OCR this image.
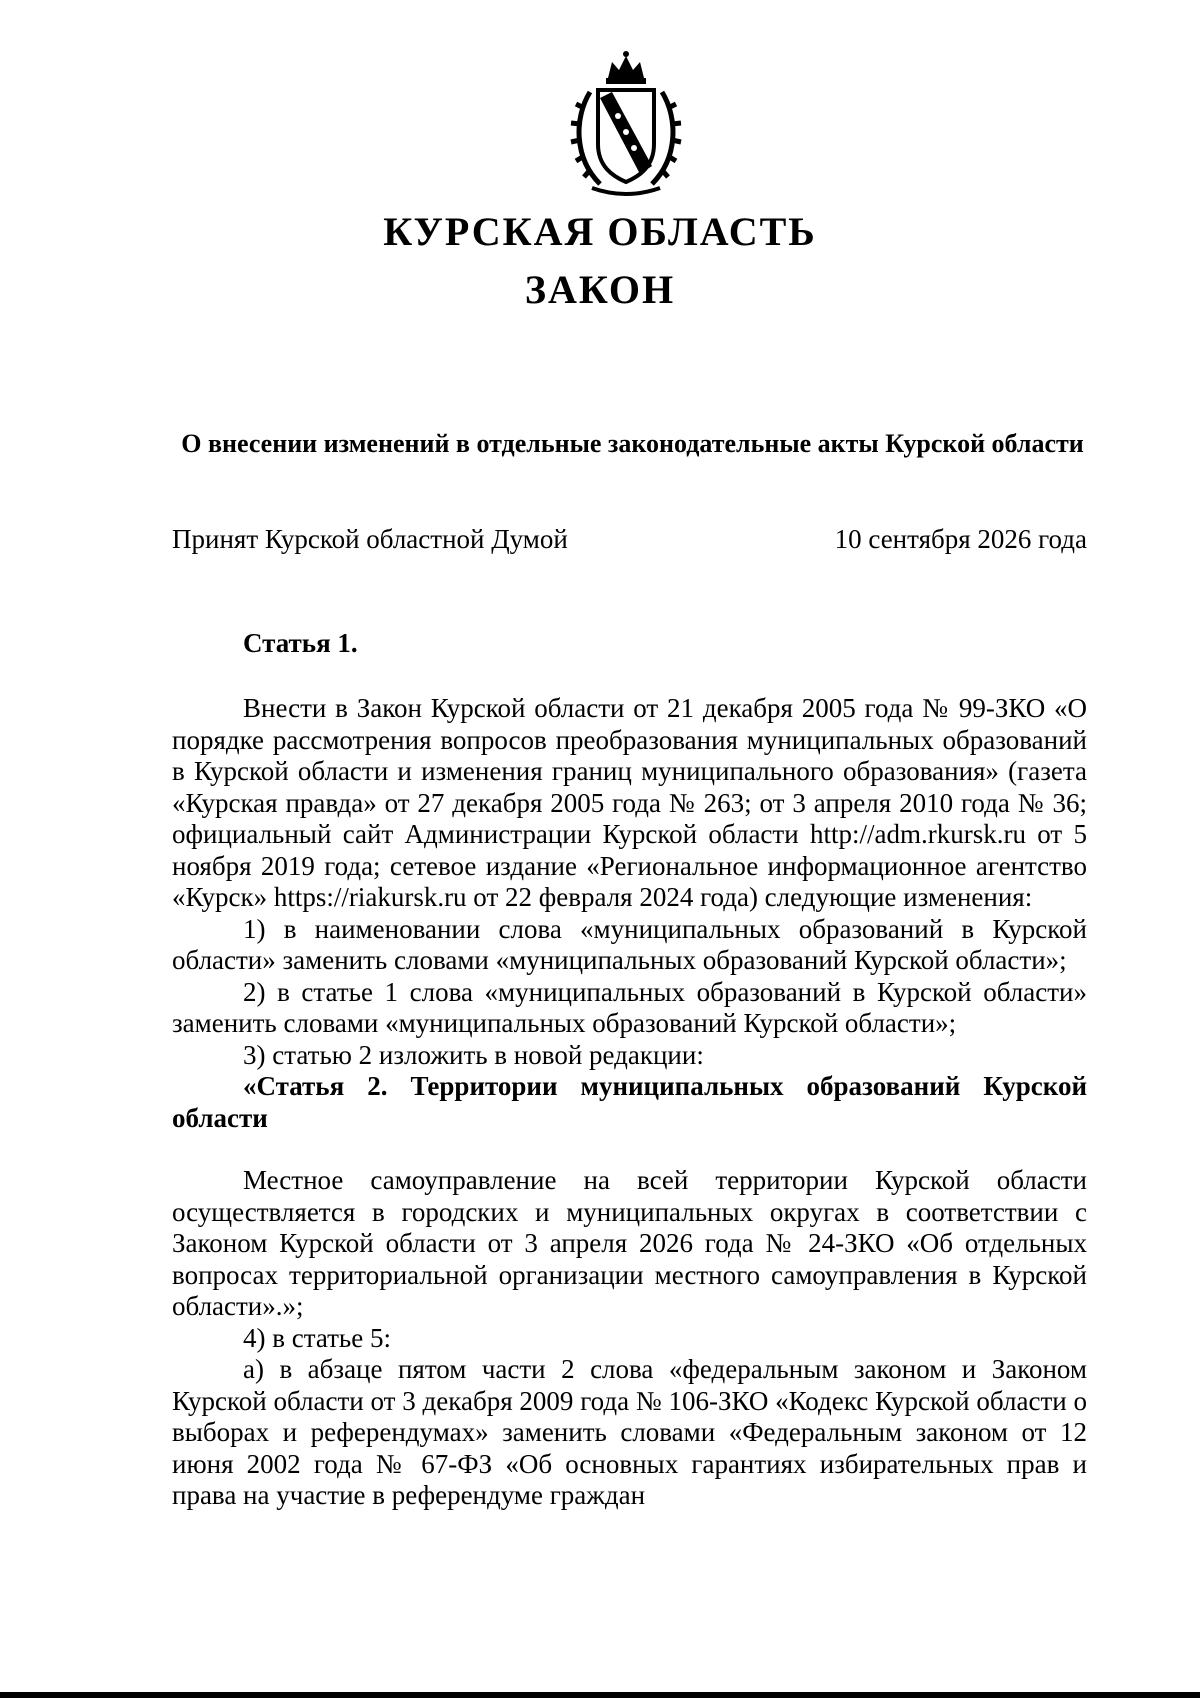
КУРСКАЯ ОБЛАСТЬ
ЗАКОН
О внесении изменений в отдельные законодательные акты Курской области
Принят Курской областной Думой	10 сентября 2026 года
Статья 1.

Внести в Закон Курской области от 21 декабря 2005 года № 99-ЗКО «О порядке рассмотрения вопросов преобразования муниципальных образований в Курской области и изменения границ муниципального образования» (газета «Курская правда» от 27 декабря 2005 года № 263; от 3 апреля 2010 года № 36; официальный сайт Администрации Курской области http://adm.rkursk.ru от 5 ноября 2019 года; сетевое издание «Региональное информационное агентство «Курск» https://riakursk.ru от 22 февраля 2024 года) следующие изменения:

1) в наименовании слова «муниципальных образований в Курской области» заменить словами «муниципальных образований Курской области»;

2) в статье 1 слова «муниципальных образований в Курской области» заменить словами «муниципальных образований Курской области»;

3) статью 2 изложить в новой редакции:

«Статья 2. Территории муниципальных образований Курской области

Местное самоуправление на всей территории Курской области осуществляется в городских и муниципальных округах в соответствии с Законом Курской области от 3 апреля 2026 года № 24-ЗКО «Об отдельных вопросах территориальной организации местного самоуправления в Курской области».»;

4) в статье 5:

а) в абзаце пятом части 2 слова «федеральным законом и Законом Курской области от 3 декабря 2009 года № 106-ЗКО «Кодекс Курской области о выборах и референдумах» заменить словами «Федеральным законом от 12 июня 2002 года № 67-ФЗ «Об основных гарантиях избирательных прав и права на участие в референдуме граждан
